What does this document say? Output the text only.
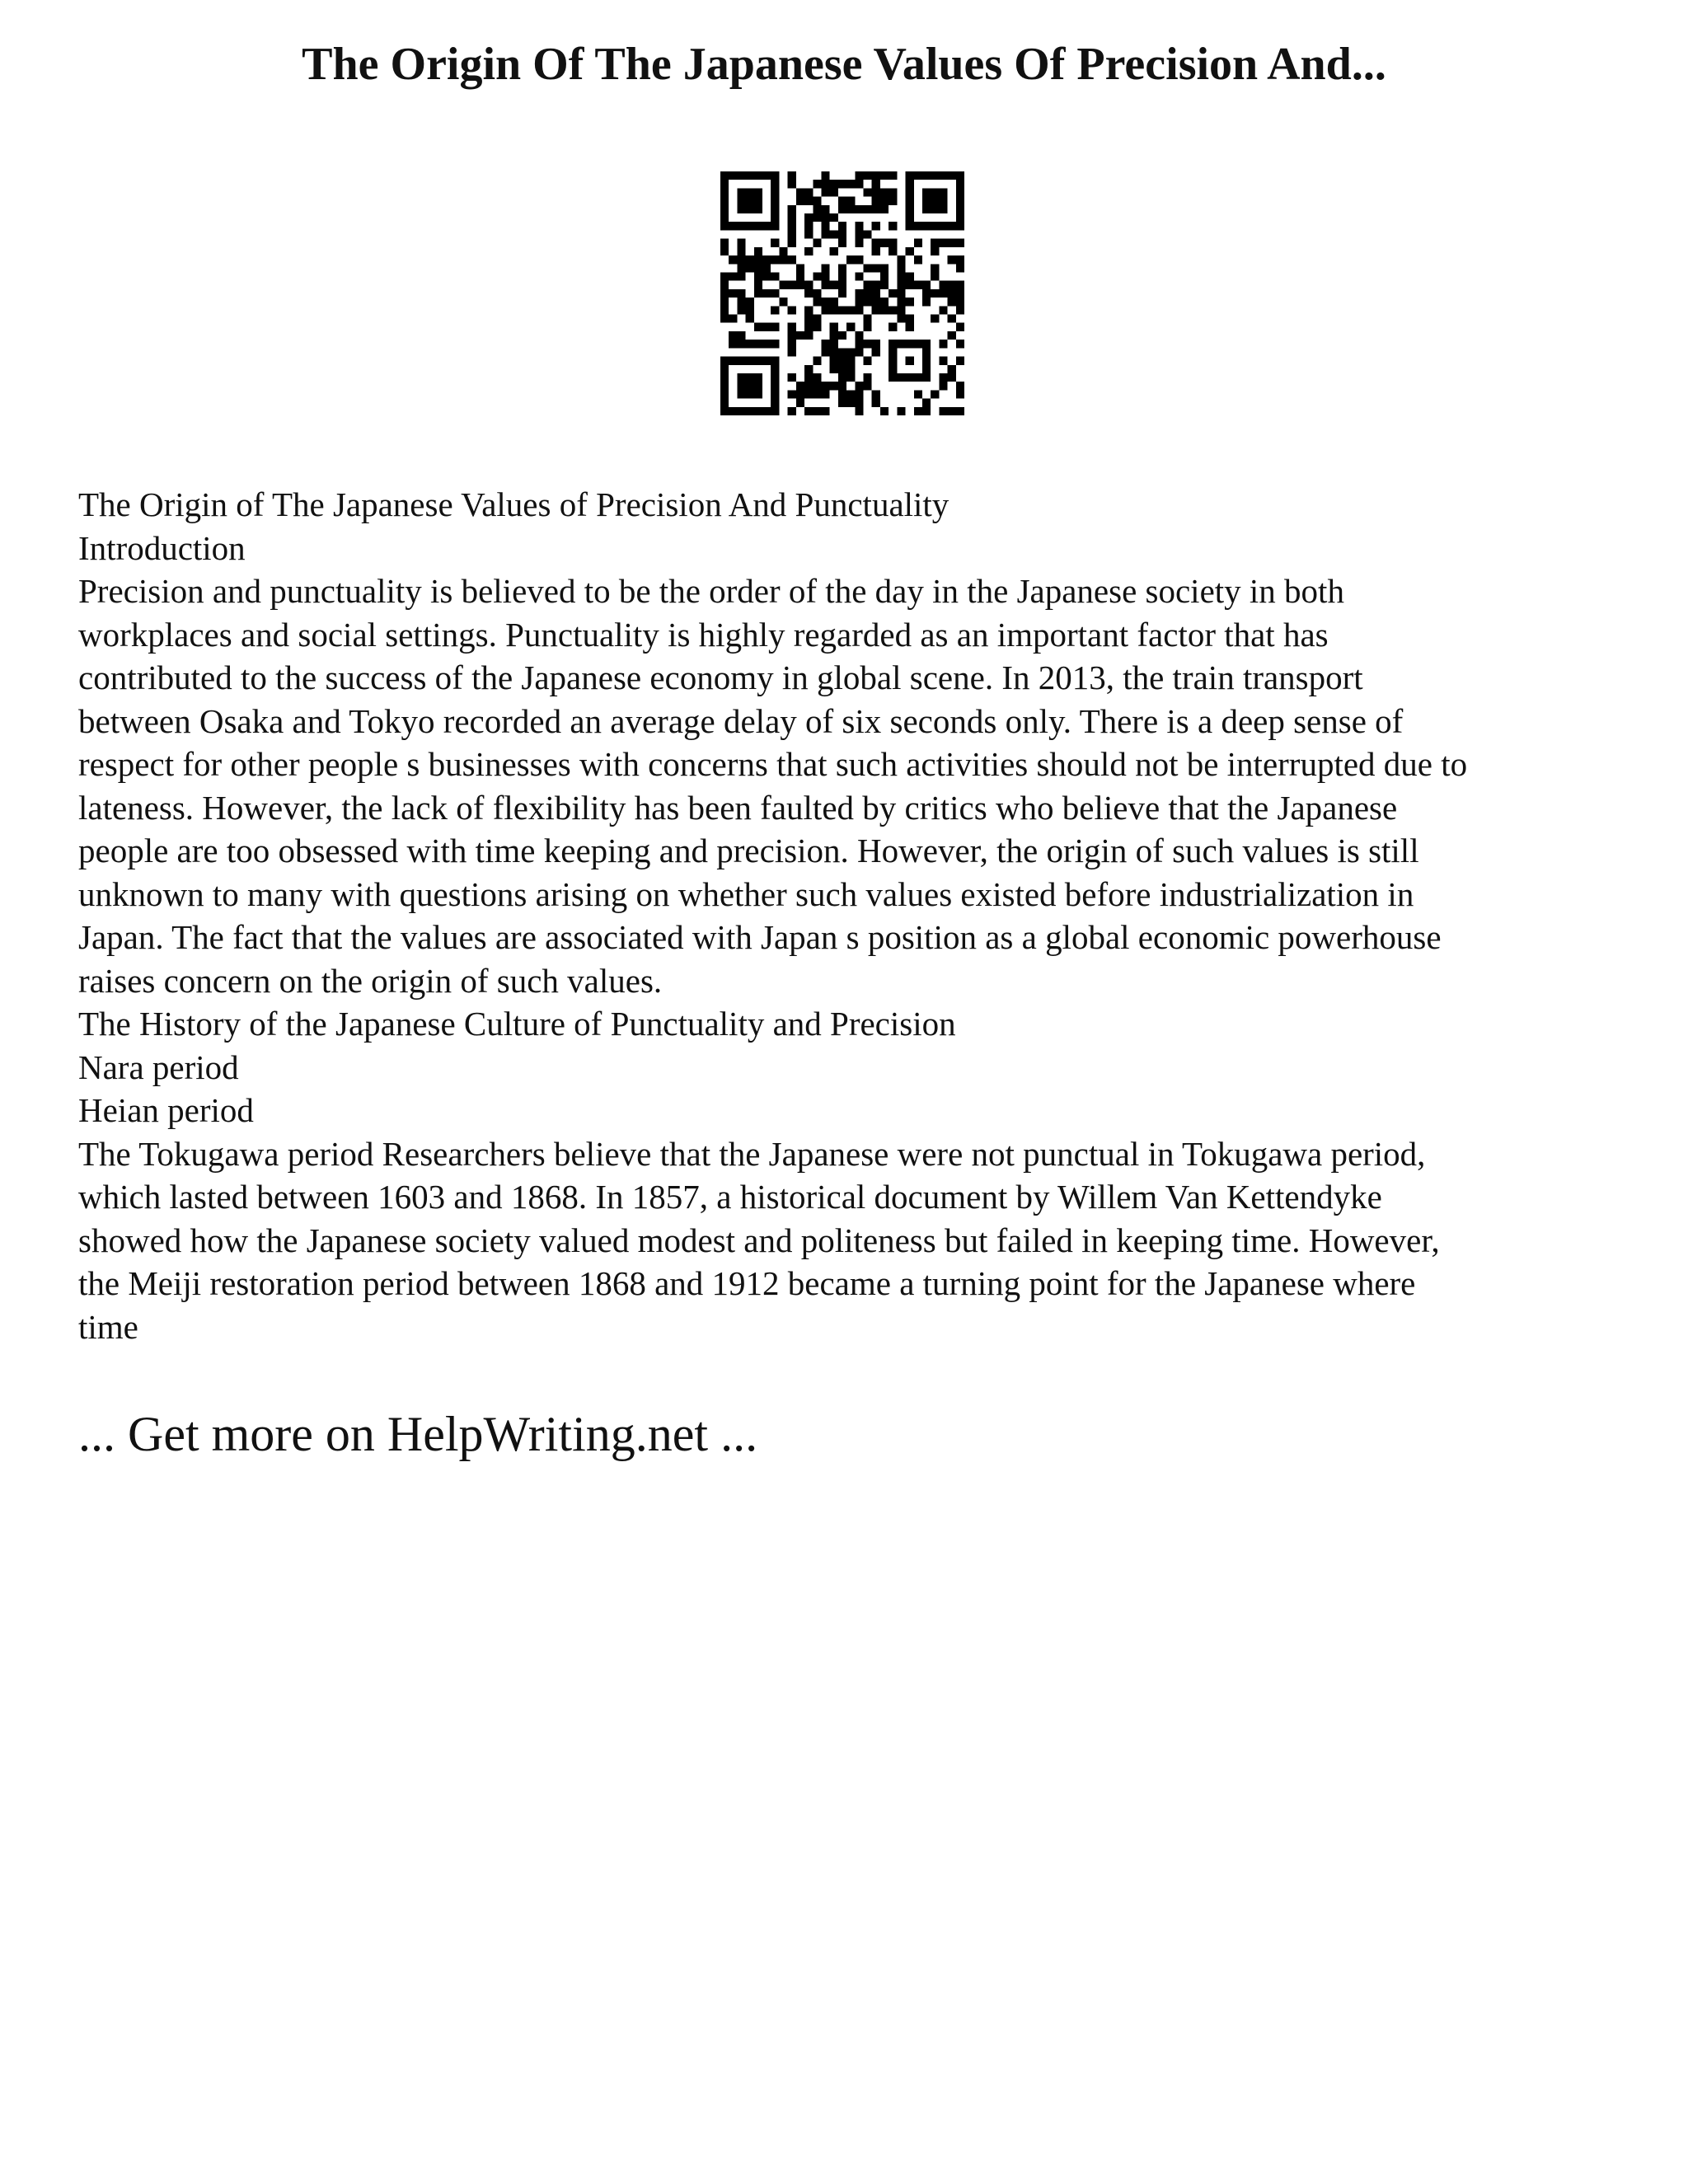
The Origin Of The Japanese Values Of Precision And...
The Origin of The Japanese Values of Precision And Punctuality
Introduction
Precision and punctuality is believed to be the order of the day in the Japanese society in both
workplaces and social settings. Punctuality is highly regarded as an important factor that has
contributed to the success of the Japanese economy in global scene. In 2013, the train transport
between Osaka and Tokyo recorded an average delay of six seconds only. There is a deep sense of
respect for other people s businesses with concerns that such activities should not be interrupted due to
lateness. However, the lack of flexibility has been faulted by critics who believe that the Japanese
people are too obsessed with time keeping and precision. However, the origin of such values is still
unknown to many with questions arising on whether such values existed before industrialization in
Japan. The fact that the values are associated with Japan s position as a global economic powerhouse
raises concern on the origin of such values.
The History of the Japanese Culture of Punctuality and Precision
Nara period
Heian period
The Tokugawa period Researchers believe that the Japanese were not punctual in Tokugawa period,
which lasted between 1603 and 1868. In 1857, a historical document by Willem Van Kettendyke
showed how the Japanese society valued modest and politeness but failed in keeping time. However,
the Meiji restoration period between 1868 and 1912 became a turning point for the Japanese where
time
... Get more on HelpWriting.net ...
